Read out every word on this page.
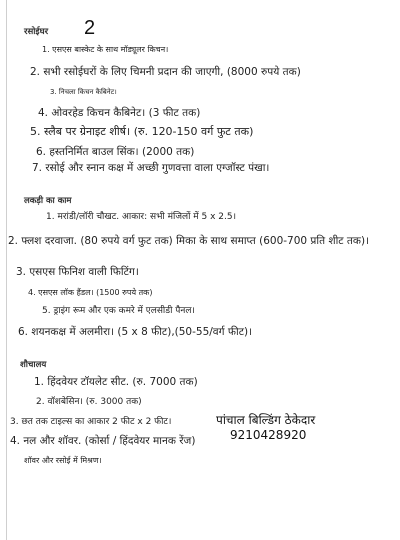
रसोईघर 2
1. एसएस बास्केट के साथ मॉड्यूलर किचन।
2. सभी रसोईघरों के लिए चिमनी प्रदान की जाएगी, (8000 रुपये तक)
3. निचला किचन कैबिनेट।
4. ओवरहेड किचन कैबिनेट। (3 फीट तक)
5. स्लैब पर ग्रेनाइट शीर्ष। (रु. 120-150 वर्ग फुट तक)
6. हस्तनिर्मित बाउल सिंक। (2000 तक)
7. रसोई और स्नान कक्ष में अच्छी गुणवत्ता वाला एग्जॉस्ट पंखा।
लकड़ी का काम
1. मरांडी/लॉरी चौखट. आकार: सभी मंजिलों में 5 x 2.5।
2. फ्लश दरवाजा. (80 रुपये वर्ग फुट तक) मिका के साथ समाप्त (600-700 प्रति शीट तक)।
3. एसएस फिनिश वाली फिटिंग।
4. एसएस लॉक हैंडल। (1500 रुपये तक)
5. ड्राइंग रूम और एक कमरे में एलसीडी पैनल।
6. शयनकक्ष में अलमीरा। (5 x 8 फीट),(50-55/वर्ग फीट)।
शौचालय
1. हिंदवेयर टॉयलेट सीट. (रु. 7000 तक)
2. वॉशबेसिन। (रु. 3000 तक)
3. छत तक टाइल्स का आकार 2 फीट x 2 फीट।
4. नल और शॉवर. (कोर्सा / हिंदवेयर मानक रेंज)
शॉवर और रसोई में मिश्रण।
पांचाल बिल्डिंग ठेकेदार
9210428920
